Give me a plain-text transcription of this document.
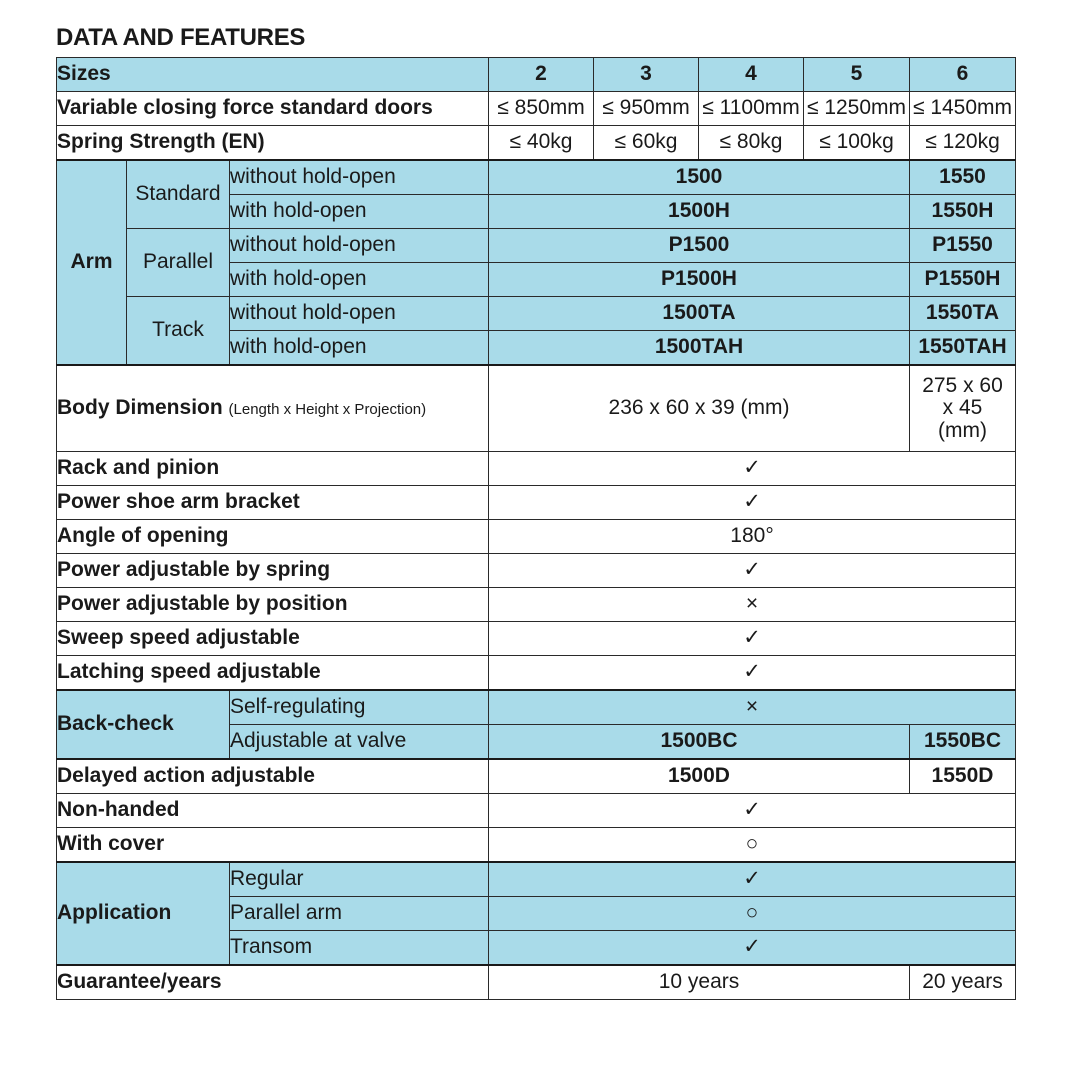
DATA AND FEATURES
Sizes			2	3	4	5	6
Variable closing force standard doors			≤ 850mm	≤ 950mm	≤ 1100mm	≤ 1250mm	≤ 1450mm
Spring Strength (EN)			≤ 40kg	≤ 60kg	≤ 80kg	≤ 100kg	≤ 120kg
Arm	Standard	without hold-open	1500				1550
		with hold-open	1500H				1550H
	Parallel	without hold-open	P1500				P1550
		with hold-open	P1500H				P1550H
	Track	without hold-open	1500TA				1550TA
		with hold-open	1500TAH				1550TAH
Body Dimension (Length x Height x Projection)			236 x 60 x 39 (mm)				275 x 60 x 45 (mm)
Rack and pinion			✓				
Power shoe arm bracket			✓				
Angle of opening			180°				
Power adjustable by spring			✓				
Power adjustable by position			×				
Sweep speed adjustable			✓				
Latching speed adjustable			✓				
Back-check		Self-regulating	×				
		Adjustable at valve	1500BC				1550BC
Delayed action adjustable			1500D				1550D
Non-handed			✓				
With cover			○				
Application		Regular	✓				
		Parallel arm	○				
		Transom	✓				
Guarantee/years			10 years				20 years
